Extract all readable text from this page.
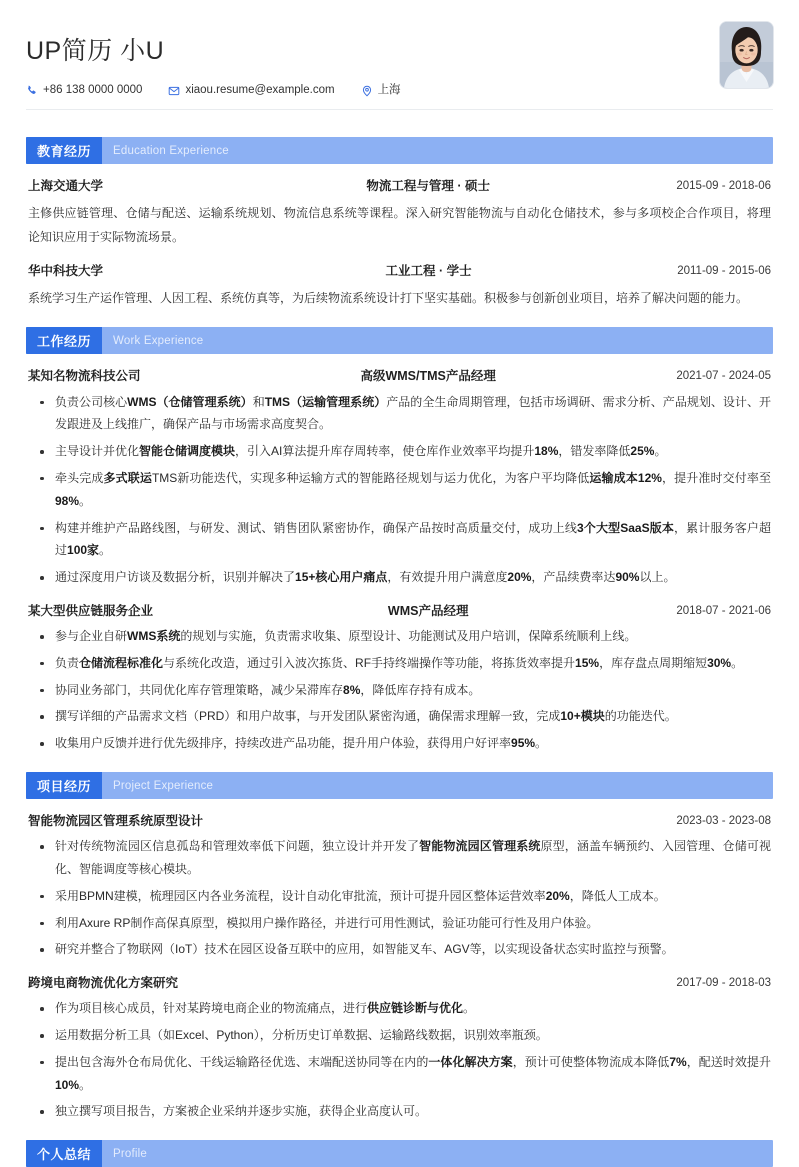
UP简历 小U
+86 138 0000 0000	xiaou.resume@example.com	上海
教育经历	Education Experience
上海交通大学	物流工程与管理 · 硕士	2015-09 - 2018-06
主修供应链管理、仓储与配送、运输系统规划、物流信息系统等课程。深入研究智能物流与自动化仓储技术，参与多项校企合作项目，将理论知识应用于实际物流场景。
华中科技大学	工业工程 · 学士	2011-09 - 2015-06
系统学习生产运作管理、人因工程、系统仿真等，为后续物流系统设计打下坚实基础。积极参与创新创业项目，培养了解决问题的能力。
工作经历	Work Experience
某知名物流科技公司	高级WMS/TMS产品经理	2021-07 - 2024-05
负责公司核心WMS（仓储管理系统）和TMS（运输管理系统）产品的全生命周期管理，包括市场调研、需求分析、产品规划、设计、开发跟进及上线推广，确保产品与市场需求高度契合。
主导设计并优化智能仓储调度模块，引入AI算法提升库存周转率，使仓库作业效率平均提升18%，错发率降低25%。
牵头完成多式联运TMS新功能迭代，实现多种运输方式的智能路径规划与运力优化，为客户平均降低运输成本12%，提升准时交付率至98%。
构建并维护产品路线图，与研发、测试、销售团队紧密协作，确保产品按时高质量交付，成功上线3个大型SaaS版本，累计服务客户超过100家。
通过深度用户访谈及数据分析，识别并解决了15+核心用户痛点，有效提升用户满意度20%，产品续费率达90%以上。
某大型供应链服务企业	WMS产品经理	2018-07 - 2021-06
参与企业自研WMS系统的规划与实施，负责需求收集、原型设计、功能测试及用户培训，保障系统顺利上线。
负责仓储流程标准化与系统化改造，通过引入波次拣货、RF手持终端操作等功能，将拣货效率提升15%，库存盘点周期缩短30%。
协同业务部门，共同优化库存管理策略，减少呆滞库存8%，降低库存持有成本。
撰写详细的产品需求文档（PRD）和用户故事，与开发团队紧密沟通，确保需求理解一致，完成10+模块的功能迭代。
收集用户反馈并进行优先级排序，持续改进产品功能，提升用户体验，获得用户好评率95%。
项目经历	Project Experience
智能物流园区管理系统原型设计	2023-03 - 2023-08
针对传统物流园区信息孤岛和管理效率低下问题，独立设计并开发了智能物流园区管理系统原型，涵盖车辆预约、入园管理、仓储可视化、智能调度等核心模块。
采用BPMN建模，梳理园区内各业务流程，设计自动化审批流，预计可提升园区整体运营效率20%，降低人工成本。
利用Axure RP制作高保真原型，模拟用户操作路径，并进行可用性测试，验证功能可行性及用户体验。
研究并整合了物联网（IoT）技术在园区设备互联中的应用，如智能叉车、AGV等，以实现设备状态实时监控与预警。
跨境电商物流优化方案研究	2017-09 - 2018-03
作为项目核心成员，针对某跨境电商企业的物流痛点，进行供应链诊断与优化。
运用数据分析工具（如Excel、Python），分析历史订单数据、运输路线数据，识别效率瓶颈。
提出包含海外仓布局优化、干线运输路径优选、末端配送协同等在内的一体化解决方案，预计可使整体物流成本降低7%，配送时效提升10%。
独立撰写项目报告，方案被企业采纳并逐步实施，获得企业高度认可。
个人总结	Profile
